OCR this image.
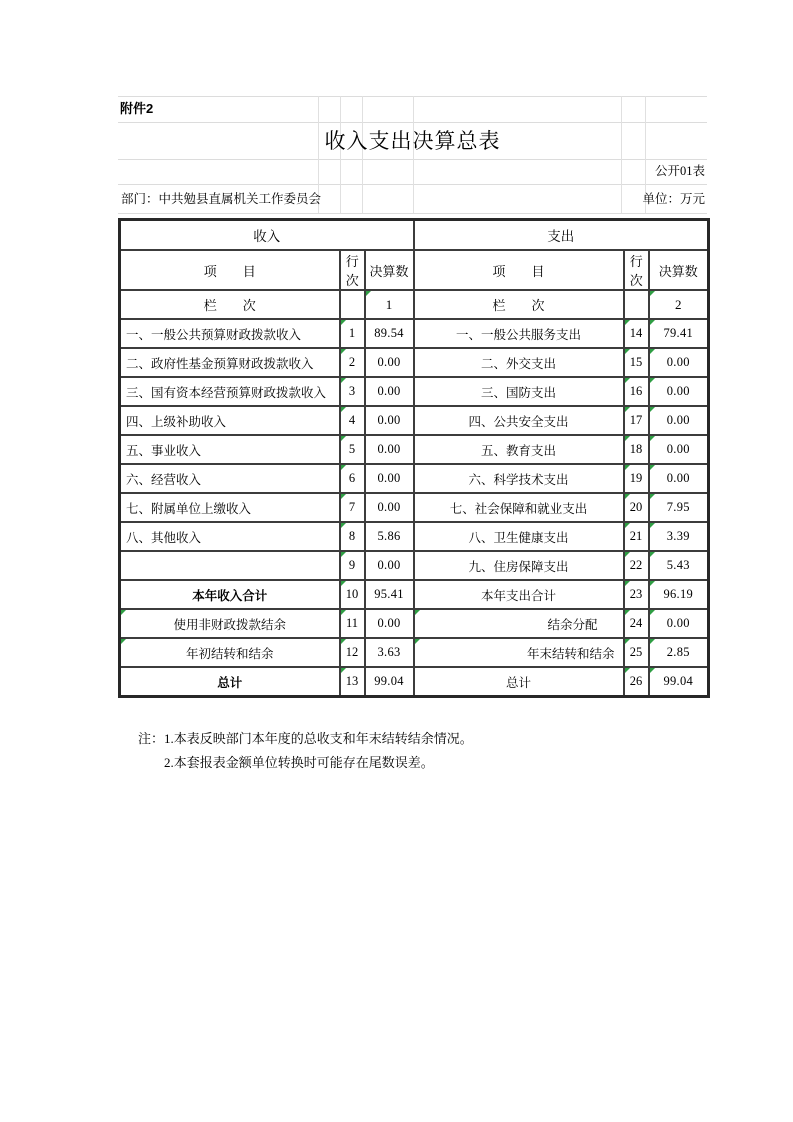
附件2
收入支出决算总表
公开01表
部门：中共勉县直属机关工作委员会	单位：万元
收入			支出		
项　　目	行次	决算数	项　　目	行次	决算数
栏　　次		1	栏　　次		2

一、一般公共预算财政拨款收入	1	89.54	一、一般公共服务支出	14	79.41

二、政府性基金预算财政拨款收入	2	0.00	二、外交支出	15	0.00

三、国有资本经营预算财政拨款收入	3	0.00	三、国防支出	16	0.00

四、上级补助收入	4	0.00	四、公共安全支出	17	0.00

五、事业收入	5	0.00	五、教育支出	18	0.00

六、经营收入	6	0.00	六、科学技术支出	19	0.00

七、附属单位上缴收入	7	0.00	七、社会保障和就业支出	20	7.95

八、其他收入	8	5.86	八、卫生健康支出	21	3.39

	9	0.00	九、住房保障支出	22	5.43

本年收入合计	10	95.41	本年支出合计	23	96.19

使用非财政拨款结余	11	0.00	结余分配	24	0.00

年初结转和结余	12	3.63	年末结转和结余	25	2.85

总计	13	99.04	总计	26	99.04
注： 1.本表反映部门本年度的总收支和年末结转结余情况。
2.本套报表金额单位转换时可能存在尾数误差。
